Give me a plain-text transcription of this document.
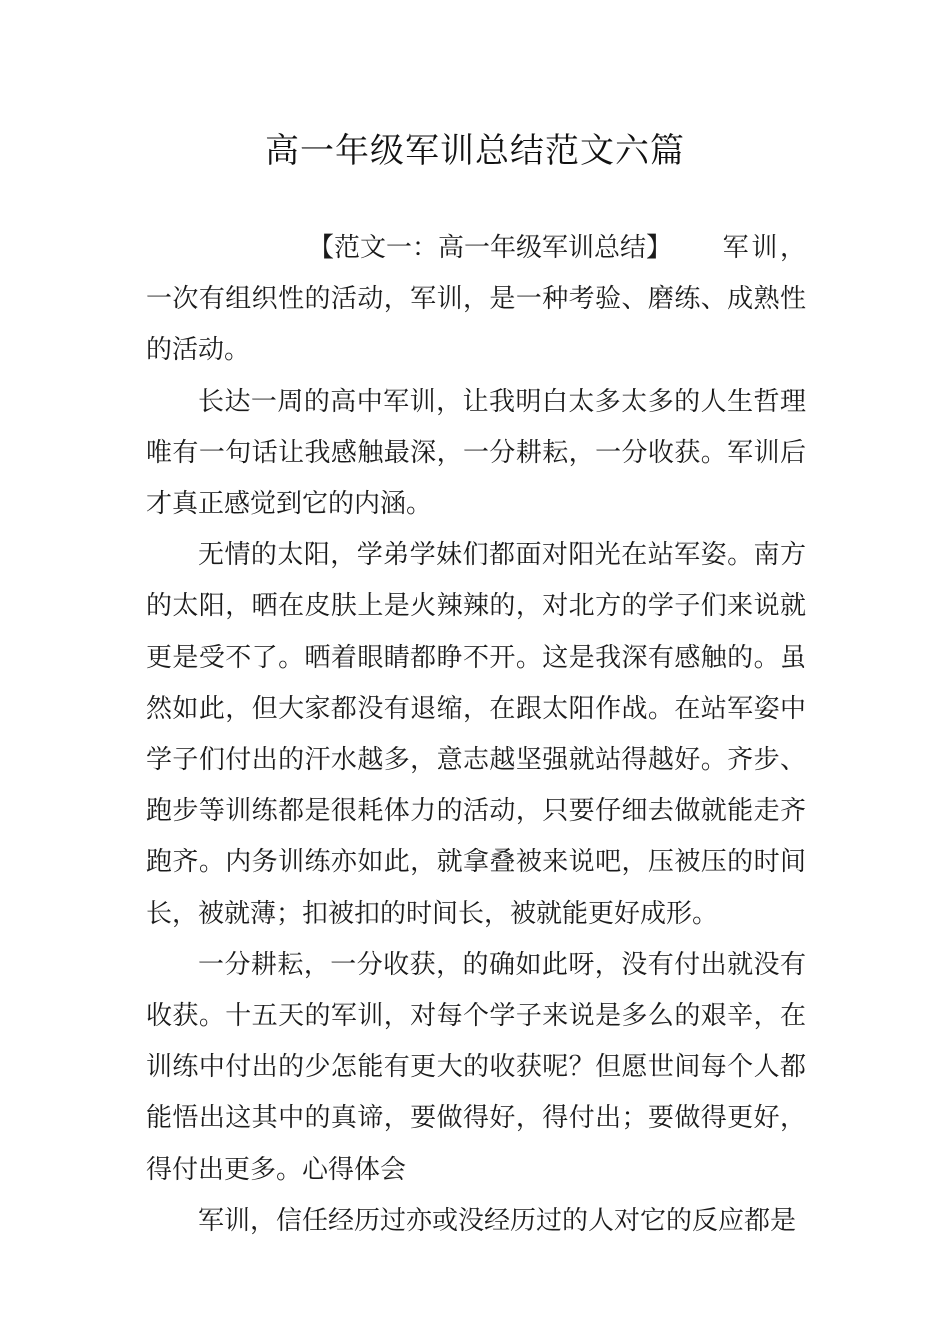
高一年级军训总结范文六篇

【范文一：高一年级军训总结】 军训，一次有组织性的活动，军训，是一种考验、磨练、成熟性的活动。

长达一周的高中军训，让我明白太多太多的人生哲理唯有一句话让我感触最深，一分耕耘，一分收获。军训后才真正感觉到它的内涵。

无情的太阳，学弟学妹们都面对阳光在站军姿。南方的太阳，晒在皮肤上是火辣辣的，对北方的学子们来说就更是受不了。晒着眼睛都睁不开。这是我深有感触的。虽然如此，但大家都没有退缩，在跟太阳作战。在站军姿中学子们付出的汗水越多，意志越坚强就站得越好。齐步、跑步等训练都是很耗体力的活动，只要仔细去做就能走齐跑齐。内务训练亦如此，就拿叠被来说吧，压被压的时间长，被就薄；扣被扣的时间长，被就能更好成形。

一分耕耘，一分收获，的确如此呀，没有付出就没有收获。十五天的军训，对每个学子来说是多么的艰辛，在训练中付出的少怎能有更大的收获呢？但愿世间每个人都能悟出这其中的真谛，要做得好，得付出；要做得更好，得付出更多。心得体会

军训，信任经历过亦或没经历过的人对它的反应都是
